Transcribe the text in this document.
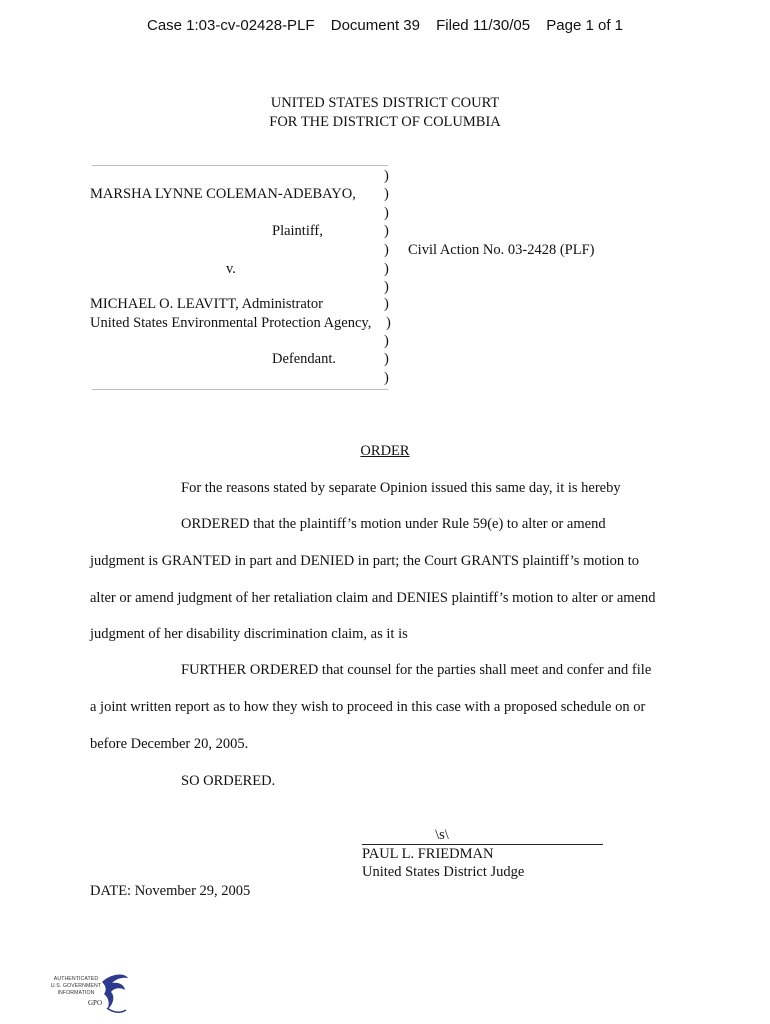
Case 1:03-cv-02428-PLF Document 39 Filed 11/30/05 Page 1 of 1
UNITED STATES DISTRICT COURT
FOR THE DISTRICT OF COLUMBIA
MARSHA LYNNE COLEMAN-ADEBAYO,
Plaintiff,
v.
MICHAEL O. LEAVITT, Administrator
United States Environmental Protection Agency,
Defendant.
)
)
)
)
)
)
)
)
)
)
)
)
Civil Action No. 03-2428 (PLF)
ORDER
For the reasons stated by separate Opinion issued this same day, it is hereby
ORDERED that the plaintiff’s motion under Rule 59(e) to alter or amend
judgment is GRANTED in part and DENIED in part; the Court GRANTS plaintiff’s motion to
alter or amend judgment of her retaliation claim and DENIES plaintiff’s motion to alter or amend
judgment of her disability discrimination claim, as it is
FURTHER ORDERED that counsel for the parties shall meet and confer and file
a joint written report as to how they wish to proceed in this case with a proposed schedule on or
before December 20, 2005.
SO ORDERED.
\s\
PAUL L. FRIEDMAN
United States District Judge
DATE: November 29, 2005
AUTHENTICATED
U.S. GOVERNMENT
INFORMATION
GPO
